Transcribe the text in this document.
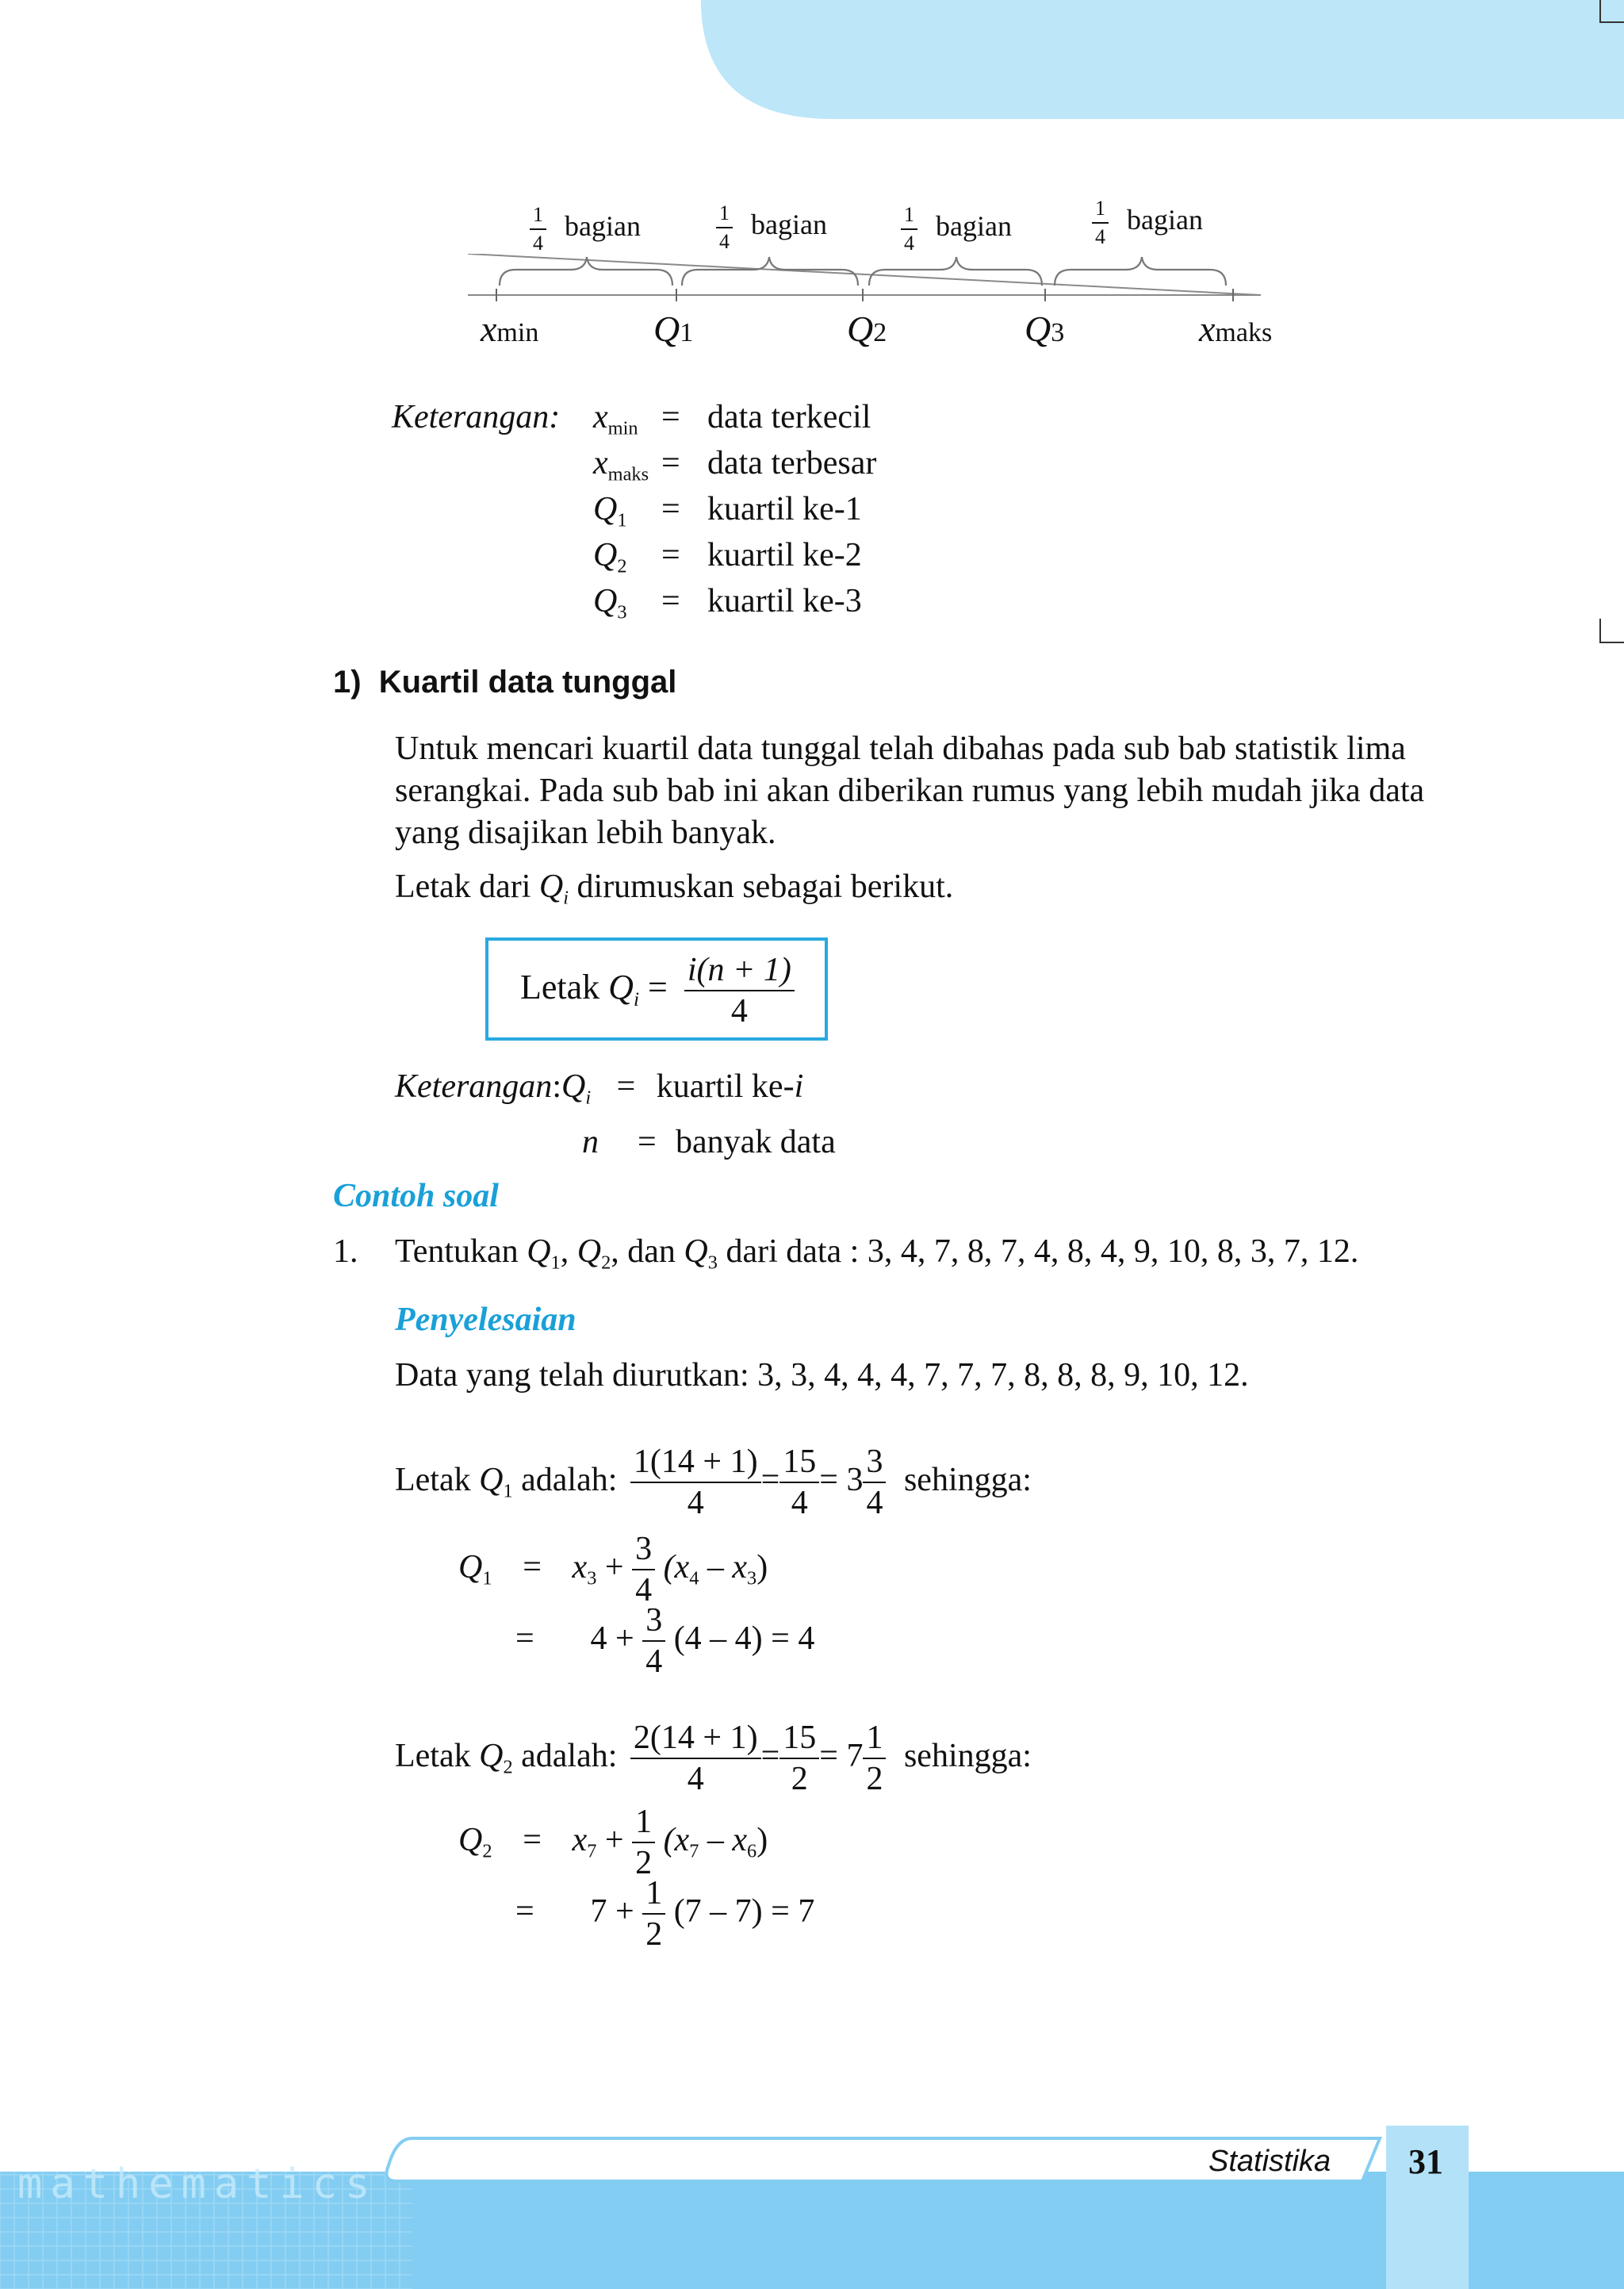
$\frac{1}{4}$ bagian	$\frac{1}{4}$ bagian	$\frac{1}{4}$ bagian	$\frac{1}{4}$ bagian
xmin	Q1	Q2	Q3	xmaks
Keterangan: $x_{min}$ = data terkecil
$x_{maks}$ = data terbesar
$Q_1$ = kuartil ke-1
$Q_2$ = kuartil ke-2
$Q_3$ = kuartil ke-3
1)  Kuartil data tunggal
Untuk mencari kuartil data tunggal telah dibahas pada sub bab statistik lima
serangkai. Pada sub bab ini akan diberikan rumus yang lebih mudah jika data
yang disajikan lebih banyak.
Letak dari $Q_i$ dirumuskan sebagai berikut.
Letak $Q_i = \frac{i(n + 1)}{4}$
$Keterangan:Q_i$ = kuartil ke-i
n = banyak data
Contoh soal
1. Tentukan $Q_1$, $Q_2$, dan $Q_3$ dari data : 3, 4, 7, 8, 7, 4, 8, 4, 9, 10, 8, 3, 7, 12.
Penyelesaian
Data yang telah diurutkan: 3, 3, 4, 4, 4, 7, 7, 7, 8, 8, 8, 9, 10, 12.
Letak $Q_1$ adalah: $\frac{1(14 + 1)}{4} = \frac{15}{4} = 3 \frac{3}{4}$ sehingga:
$Q_1 = x_3 + \frac{3}{4} (x_4 - x_3)$
= $4 + \frac{3}{4} (4 - 4) = 4$
Letak $Q_2$ adalah: $\frac{2(14 + 1)}{4} = \frac{15}{2} = 7 \frac{1}{2}$ sehingga:
$Q_2 = x_7 + \frac{1}{2} (x_7 - x_6)$
= $7 + \frac{1}{2} (7 - 7) = 7$
mathematics	Statistika 31
